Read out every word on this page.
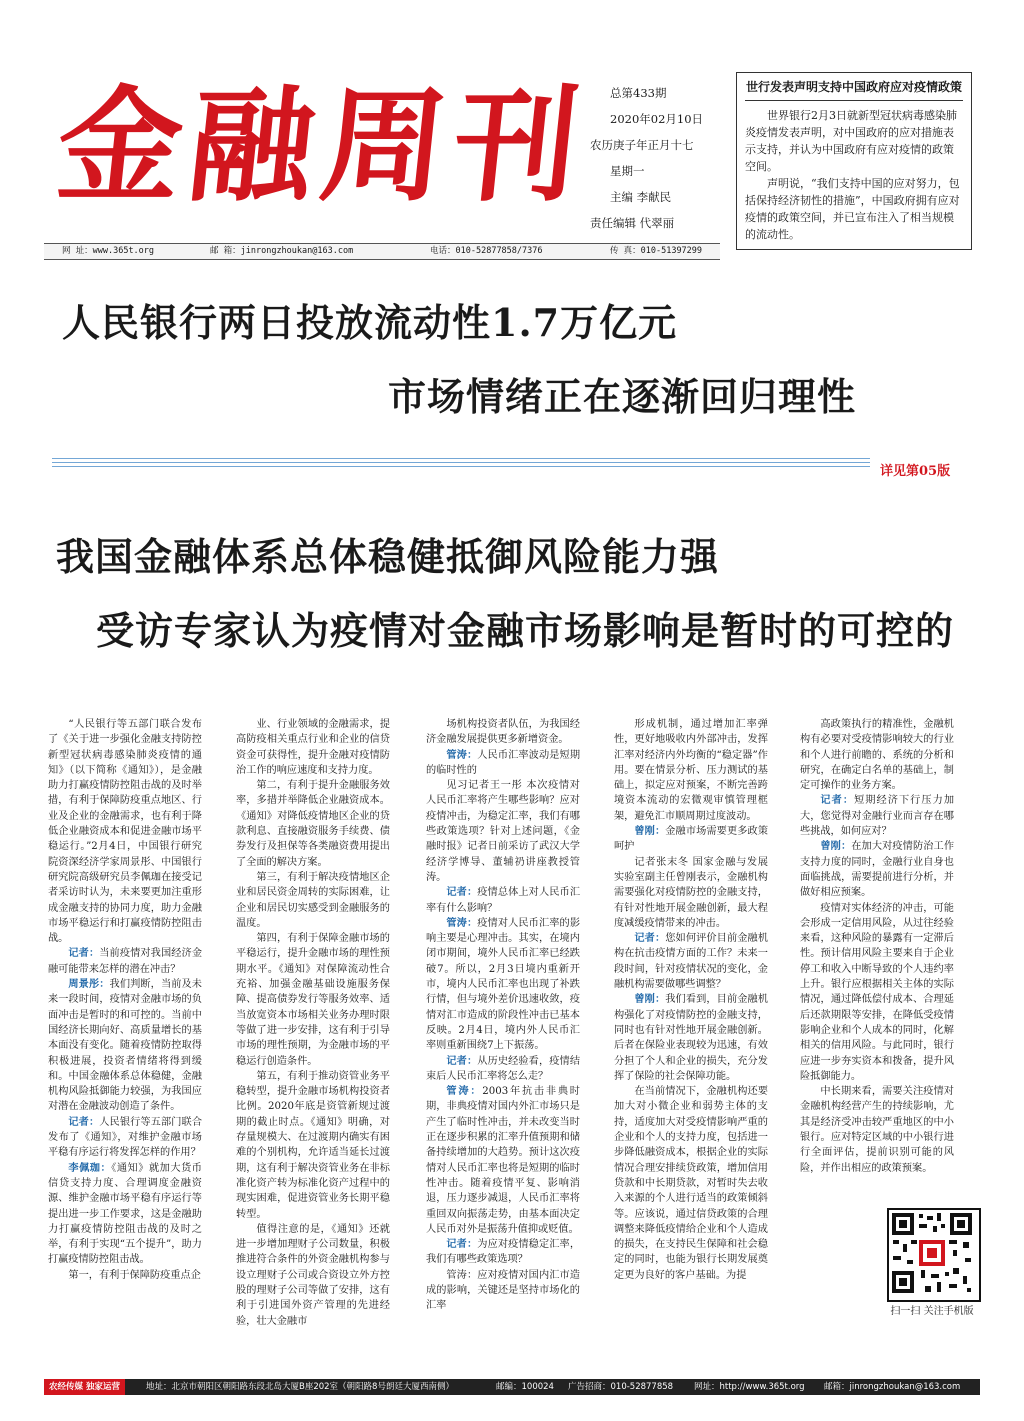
金融周刊	总第433期
2020年02月10日
农历庚子年正月十七
星期一
主编 李献民
责任编辑 代翠丽
世行发表声明支持中国政府应对疫情政策

世界银行2月3日就新型冠状病毒感染肺炎疫情发表声明，对中国政府的应对措施表示支持，并认为中国政府有应对疫情的政策空间。

声明说，“我们支持中国的应对努力，包括保持经济韧性的措施”，中国政府拥有应对疫情的政策空间，并已宣布注入了相当规模的流动性。

网 址：www.365t.org	邮 箱：jinrongzhoukan@163.com	电话：010-52877858/7376	传 真：010-51397299
人民银行两日投放流动性1.7万亿元
市场情绪正在逐渐回归理性
详见第05版
我国金融体系总体稳健抵御风险能力强
受访专家认为疫情对金融市场影响是暂时的可控的

“人民银行等五部门联合发布了《关于进一步强化金融支持防控新型冠状病毒感染肺炎疫情的通知》（以下简称《通知》），是金融助力打赢疫情防控阻击战的及时举措，有利于保障防疫重点地区、行业及企业的金融需求，也有利于降低企业融资成本和促进金融市场平稳运行。”2月4日，中国银行研究院资深经济学家周景彤、中国银行研究院高级研究员李佩珈在接受记者采访时认为，未来要更加注重形成金融支持的协同力度，助力金融市场平稳运行和打赢疫情防控阻击战。

记者：当前疫情对我国经济金融可能带来怎样的潜在冲击？

周景彤：我们判断，当前及未来一段时间，疫情对金融市场的负面冲击是暂时的和可控的。当前中国经济长期向好、高质量增长的基本面没有变化。随着疫情防控取得积极进展，投资者情绪将得到缓和。中国金融体系总体稳健，金融机构风险抵御能力较强，为我国应对潜在金融波动创造了条件。

记者：人民银行等五部门联合发布了《通知》，对维护金融市场平稳有序运行将发挥怎样的作用？

李佩珈：《通知》就加大货币信贷支持力度、合理调度金融资源、维护金融市场平稳有序运行等提出进一步工作要求，这是金融助力打赢疫情防控阻击战的及时之举，有利于实现“五个提升”，助力打赢疫情防控阻击战。

第一，有利于保障防疫重点企

业、行业领域的金融需求，提高防疫相关重点行业和企业的信贷资金可获得性，提升金融对疫情防治工作的响应速度和支持力度。

第二，有利于提升金融服务效率，多措并举降低企业融资成本。《通知》对降低疫情地区企业的贷款利息、直接融资服务手续费、债券发行及担保等各类融资费用提出了全面的解决方案。

第三，有利于解决疫情地区企业和居民资金周转的实际困难，让企业和居民切实感受到金融服务的温度。

第四，有利于保障金融市场的平稳运行，提升金融市场的理性预期水平。《通知》对保障流动性合充裕、加强金融基础设施服务保障、提高债券发行等服务效率、适当放宽资本市场相关业务办理时限等做了进一步安排，这有利于引导市场的理性预期，为金融市场的平稳运行创造条件。

第五，有利于推动资管业务平稳转型，提升金融市场机构投资者比例。2020年底是资管新规过渡期的截止时点。《通知》明确，对存量规模大、在过渡期内确实有困难的个别机构，允许适当延长过渡期，这有利于解决资管业务在非标准化资产转为标准化资产过程中的现实困难，促进资管业务长期平稳转型。

值得注意的是，《通知》还就进一步增加理财子公司数量，积极推进符合条件的外资金融机构参与设立理财子公司或合资设立外方控股的理财子公司等做了安排，这有利于引进国外资产管理的先进经验，壮大金融市

场机构投资者队伍，为我国经济金融发展提供更多新增资金。

管涛：人民币汇率波动是短期的临时性的

见习记者王一彤 本次疫情对人民币汇率将产生哪些影响？应对疫情冲击，为稳定汇率，我们有哪些政策选项？针对上述问题，《金融时报》记者日前采访了武汉大学经济学博导、董辅礽讲座教授管涛。

记者：疫情总体上对人民币汇率有什么影响？

管涛：疫情对人民币汇率的影响主要是心理冲击。其实，在境内闭市期间，境外人民币汇率已经跌破7。所以，2月3日境内重新开市，境内人民币汇率也出现了补跌行情，但与境外差价迅速收敛，疫情对汇市造成的阶段性冲击已基本反映。2月4日，境内外人民币汇率则重新围绕7上下振荡。

记者：从历史经验看，疫情结束后人民币汇率将怎么走？

管涛：2003年抗击非典时期，非典疫情对国内外汇市场只是产生了临时性冲击，并未改变当时正在逐步积累的汇率升值预期和储备持续增加的大趋势。预计这次疫情对人民币汇率也将是短期的临时性冲击。随着疫情平复、影响消退，压力逐步减退，人民币汇率将重回双向振荡走势，由基本面决定人民币对外是振荡升值抑或贬值。

记者：为应对疫情稳定汇率，我们有哪些政策选项？

管涛：应对疫情对国内汇市造成的影响，关键还是坚持市场化的汇率

形成机制，通过增加汇率弹性，更好地吸收内外部冲击，发挥汇率对经济内外均衡的“稳定器”作用。要在情景分析、压力测试的基础上，拟定应对预案，不断完善跨境资本流动的宏微观审慎管理框架，避免汇市顺周期过度波动。

曾刚：金融市场需要更多政策呵护

记者张末冬 国家金融与发展实验室副主任曾刚表示，金融机构需要强化对疫情防控的金融支持，有针对性地开展金融创新，最大程度减缓疫情带来的冲击。

记者：您如何评价目前金融机构在抗击疫情方面的工作？未来一段时间，针对疫情状况的变化，金融机构需要做哪些调整？

曾刚：我们看到，目前金融机构强化了对疫情防控的金融支持，同时也有针对性地开展金融创新。后者在保险业表现较为迅速，有效分担了个人和企业的损失，充分发挥了保险的社会保障功能。

在当前情况下，金融机构还要加大对小微企业和弱势主体的支持，适度加大对受疫情影响严重的企业和个人的支持力度，包括进一步降低融资成本，根据企业的实际情况合理安排续贷政策，增加信用贷款和中长期贷款，对暂时失去收入来源的个人进行适当的政策倾斜等。应该说，通过信贷政策的合理调整来降低疫情给企业和个人造成的损失，在支持民生保障和社会稳定的同时，也能为银行长期发展奠定更为良好的客户基础。为提

高政策执行的精准性，金融机构有必要对受疫情影响较大的行业和个人进行前瞻的、系统的分析和研究，在确定白名单的基础上，制定可操作的业务方案。

记者：短期经济下行压力加大，您觉得对金融行业而言存在哪些挑战，如何应对？

曾刚：在加大对疫情防治工作支持力度的同时，金融行业自身也面临挑战，需要提前进行分析，并做好相应预案。

疫情对实体经济的冲击，可能会形成一定信用风险，从过往经验来看，这种风险的暴露有一定滞后性。预计信用风险主要来自于企业停工和收入中断导致的个人违约率上升。银行应根据相关主体的实际情况，通过降低偿付成本、合理延后还款期限等安排，在降低受疫情影响企业和个人成本的同时，化解相关的信用风险。与此同时，银行应进一步夯实资本和拨备，提升风险抵御能力。

中长期来看，需要关注疫情对金融机构经营产生的持续影响，尤其是经济受冲击较严重地区的中小银行。应对特定区域的中小银行进行全面评估，提前识别可能的风险，并作出相应的政策预案。

扫一扫 关注手机版
农经传媒 独家运营	地址：北京市朝阳区朝阳路东段北岛大厦B座202室（朝阳路8号朗廷大厦西南侧）	邮编：100024 广告招商：010-52877858 网址：http://www.365t.org 邮箱：jinrongzhoukan@163.com
